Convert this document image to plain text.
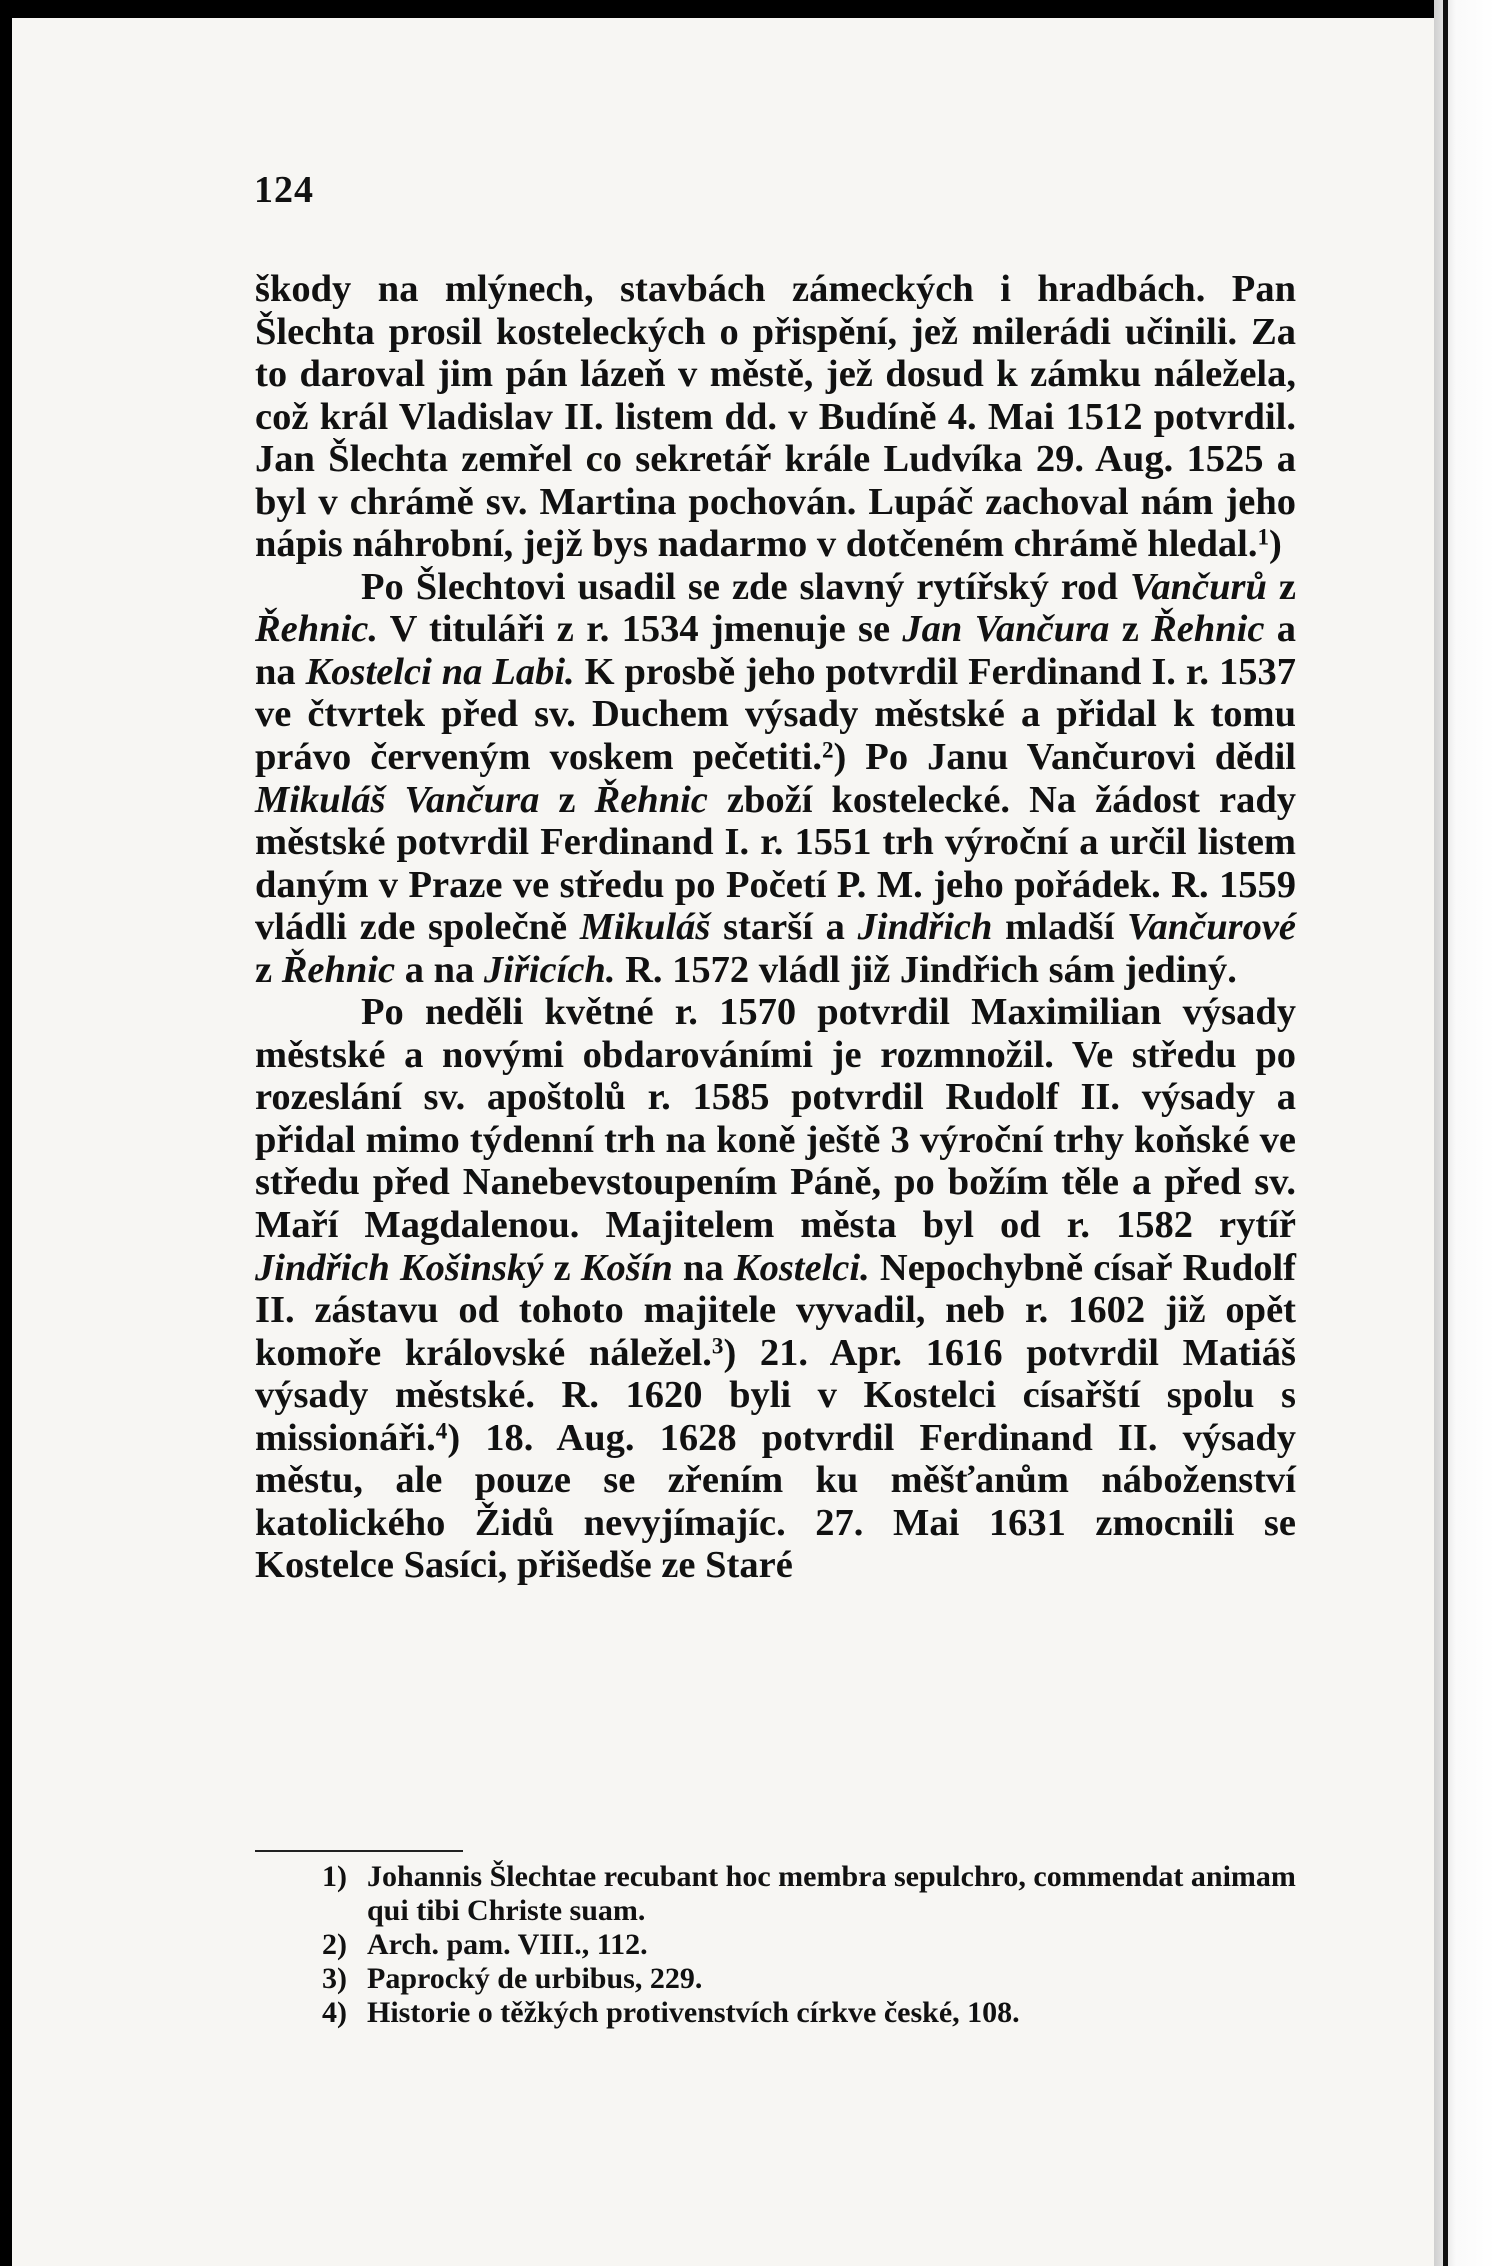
124

škody na mlýnech, stavbách zámeckých i hradbách. Pan Šlechta prosil kosteleckých o přispění, jež milerádi učinili. Za to daroval jim pán lázeň v městě, jež dosud k zámku náležela, což král Vladislav II. listem dd. v Budíně 4. Mai 1512 potvrdil. Jan Šlechta zemřel co sekretář krále Ludvíka 29. Aug. 1525 a byl v chrámě sv. Martina pochován. Lupáč zachoval nám jeho nápis náhrobní, jejž bys nadarmo v dotčeném chrámě hledal.$^1$)

Po Šlechtovi usadil se zde slavný rytířský rod Vančurů z Řehnic. V tituláři z r. 1534 jmenuje se Jan Vančura z Řehnic a na Kostelci na Labi. K prosbě jeho potvrdil Ferdinand I. r. 1537 ve čtvrtek před sv. Duchem výsady městské a přidal k tomu právo červeným voskem pečetiti.$^2$) Po Janu Vančurovi dědil Mikuláš Vančura z Řehnic zboží kostelecké. Na žádost rady městské potvrdil Ferdinand I. r. 1551 trh výroční a určil listem daným v Praze ve středu po Početí P. M. jeho pořádek. R. 1559 vládli zde společně Mikuláš starší a Jindřich mladší Vančurové z Řehnic a na Jiřicích. R. 1572 vládl již Jindřich sám jediný.

Po neděli květné r. 1570 potvrdil Maximilian výsady městské a novými obdarováními je rozmnožil. Ve středu po rozeslání sv. apoštolů r. 1585 potvrdil Rudolf II. výsady a přidal mimo týdenní trh na koně ještě 3 výroční trhy koňské ve středu před Nanebevstoupením Páně, po božím těle a před sv. Maří Magdalenou. Majitelem města byl od r. 1582 rytíř Jindřich Košinský z Košín na Kostelci. Nepochybně císař Rudolf II. zástavu od tohoto majitele vyvadil, neb r. 1602 již opět komoře královské náležel.$^3$) 21. Apr. 1616 potvrdil Matiáš výsady městské. R. 1620 byli v Kostelci císařští spolu s missionáři.$^4$) 18. Aug. 1628 potvrdil Ferdinand II. výsady městu, ale pouze se zřením ku měšťanům náboženství katolického Židů nevyjímajíc. 27. Mai 1631 zmocnili se Kostelce Sasíci, přišedše ze Staré

1) Johannis Šlechtae recubant hoc membra sepulchro, commendat animam qui tibi Christe suam.
2) Arch. pam. VIII., 112.
3) Paprocký de urbibus, 229.
4) Historie o těžkých protivenstvích církve české, 108.
